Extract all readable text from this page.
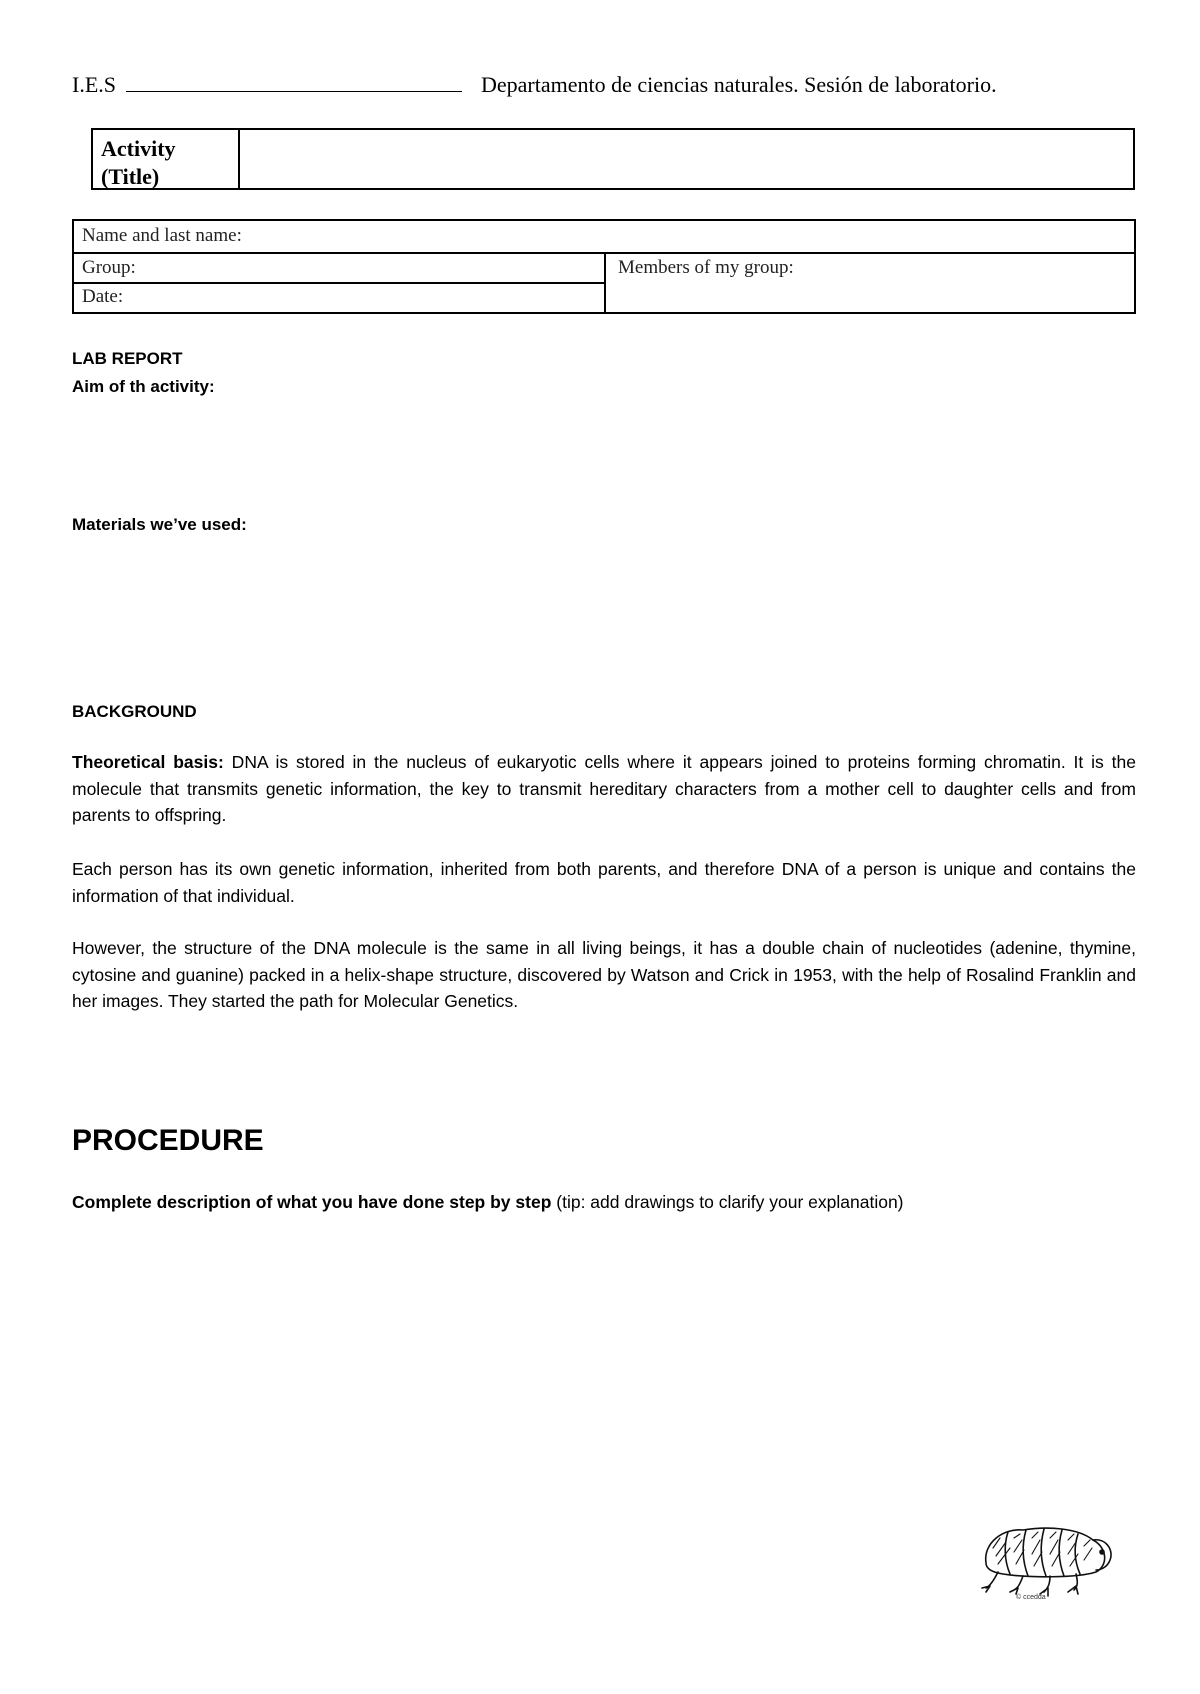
I.E.S	Departamento de ciencias naturales. Sesión de laboratorio.
Activity
(Title)
Name and last name:
Group:
Date:
Members of my group:
LAB REPORT
Aim of th activity:
Materials we’ve used:
BACKGROUND
Theoretical basis: DNA is stored in the nucleus of eukaryotic cells where it appears joined to proteins forming chromatin. It is the molecule that transmits genetic information, the key to transmit hereditary characters from a mother cell to daughter cells and from parents to offspring.
Each person has its own genetic information, inherited from both parents, and therefore DNA of a person is unique and contains the information of that individual.
However, the structure of the DNA molecule is the same in all living beings, it has a double chain of nucleotides (adenine, thymine, cytosine and guanine) packed in a helix-shape structure, discovered by Watson and Crick in 1953, with the help of Rosalind Franklin and her images. They started the path for Molecular Genetics.
PROCEDURE
Complete description of what you have done step by step (tip: add drawings to clarify your explanation)
© ccedda
